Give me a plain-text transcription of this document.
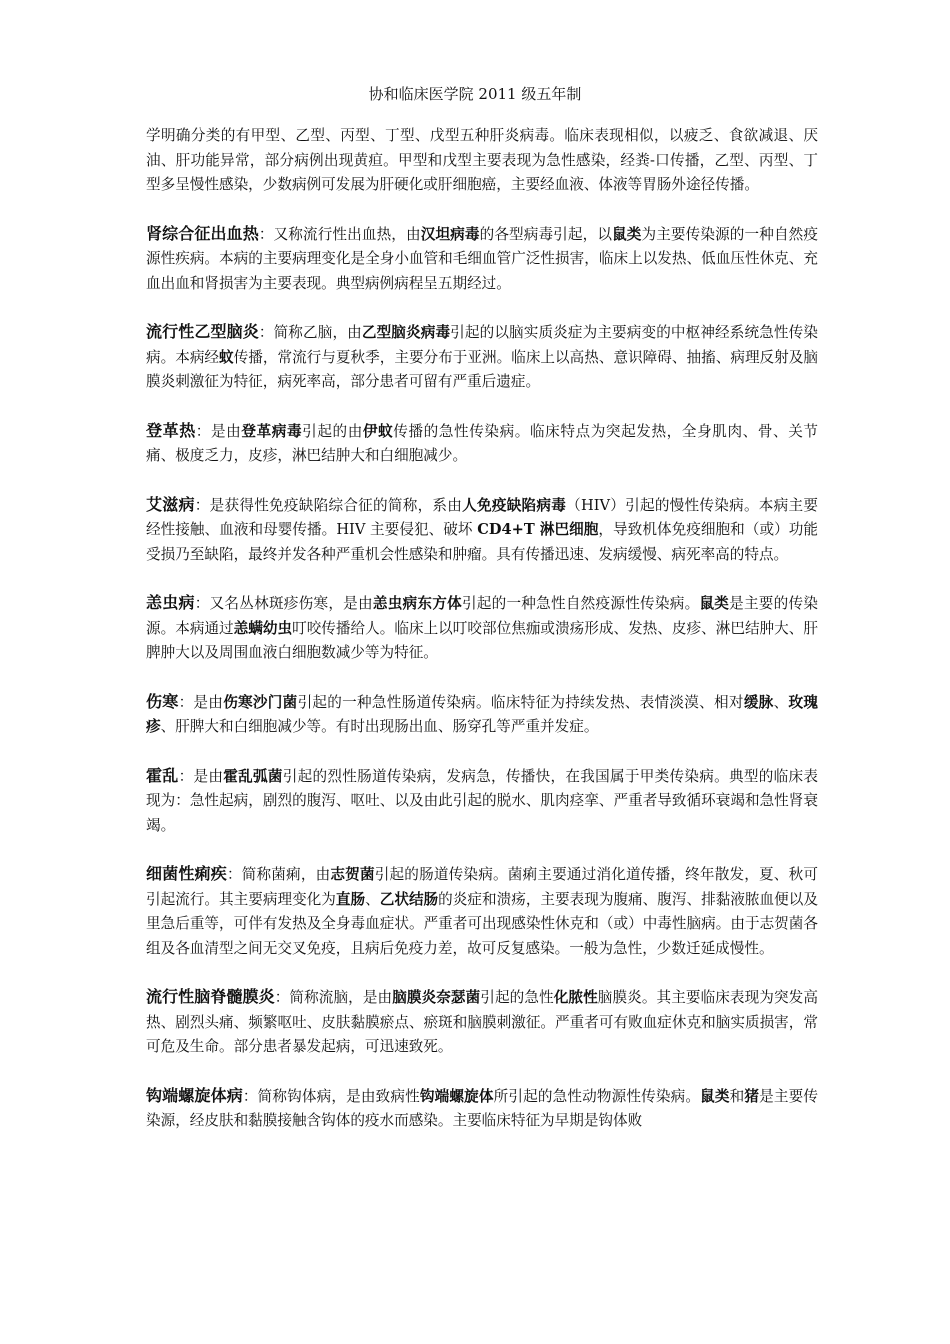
协和临床医学院 2011 级五年制

学明确分类的有甲型、乙型、丙型、丁型、戊型五种肝炎病毒。临床表现相似，以疲乏、食欲减退、厌油、肝功能异常，部分病例出现黄疸。甲型和戊型主要表现为急性感染，经粪-口传播，乙型、丙型、丁型多呈慢性感染，少数病例可发展为肝硬化或肝细胞癌，主要经血液、体液等胃肠外途径传播。

肾综合征出血热：又称流行性出血热，由汉坦病毒的各型病毒引起，以鼠类为主要传染源的一种自然疫源性疾病。本病的主要病理变化是全身小血管和毛细血管广泛性损害，临床上以发热、低血压性休克、充血出血和肾损害为主要表现。典型病例病程呈五期经过。

流行性乙型脑炎：简称乙脑，由乙型脑炎病毒引起的以脑实质炎症为主要病变的中枢神经系统急性传染病。本病经蚊传播，常流行与夏秋季，主要分布于亚洲。临床上以高热、意识障碍、抽搐、病理反射及脑膜炎刺激征为特征，病死率高，部分患者可留有严重后遗症。

登革热：是由登革病毒引起的由伊蚊传播的急性传染病。临床特点为突起发热，全身肌肉、骨、关节痛、极度乏力，皮疹，淋巴结肿大和白细胞减少。

艾滋病：是获得性免疫缺陷综合征的简称，系由人免疫缺陷病毒（HIV）引起的慢性传染病。本病主要经性接触、血液和母婴传播。HIV 主要侵犯、破坏 CD4+T 淋巴细胞，导致机体免疫细胞和（或）功能受损乃至缺陷，最终并发各种严重机会性感染和肿瘤。具有传播迅速、发病缓慢、病死率高的特点。

恙虫病：又名丛林斑疹伤寒，是由恙虫病东方体引起的一种急性自然疫源性传染病。鼠类是主要的传染源。本病通过恙螨幼虫叮咬传播给人。临床上以叮咬部位焦痂或溃疡形成、发热、皮疹、淋巴结肿大、肝脾肿大以及周围血液白细胞数减少等为特征。

伤寒：是由伤寒沙门菌引起的一种急性肠道传染病。临床特征为持续发热、表情淡漠、相对缓脉、玫瑰疹、肝脾大和白细胞减少等。有时出现肠出血、肠穿孔等严重并发症。

霍乱：是由霍乱弧菌引起的烈性肠道传染病，发病急，传播快，在我国属于甲类传染病。典型的临床表现为：急性起病，剧烈的腹泻、呕吐、以及由此引起的脱水、肌肉痉挛、严重者导致循环衰竭和急性肾衰竭。

细菌性痢疾：简称菌痢，由志贺菌引起的肠道传染病。菌痢主要通过消化道传播，终年散发，夏、秋可引起流行。其主要病理变化为直肠、乙状结肠的炎症和溃疡，主要表现为腹痛、腹泻、排黏液脓血便以及里急后重等，可伴有发热及全身毒血症状。严重者可出现感染性休克和（或）中毒性脑病。由于志贺菌各组及各血清型之间无交叉免疫，且病后免疫力差，故可反复感染。一般为急性，少数迁延成慢性。

流行性脑脊髓膜炎：简称流脑，是由脑膜炎奈瑟菌引起的急性化脓性脑膜炎。其主要临床表现为突发高热、剧烈头痛、频繁呕吐、皮肤黏膜瘀点、瘀斑和脑膜刺激征。严重者可有败血症休克和脑实质损害，常可危及生命。部分患者暴发起病，可迅速致死。

钩端螺旋体病：简称钩体病，是由致病性钩端螺旋体所引起的急性动物源性传染病。鼠类和猪是主要传染源，经皮肤和黏膜接触含钩体的疫水而感染。主要临床特征为早期是钩体败
